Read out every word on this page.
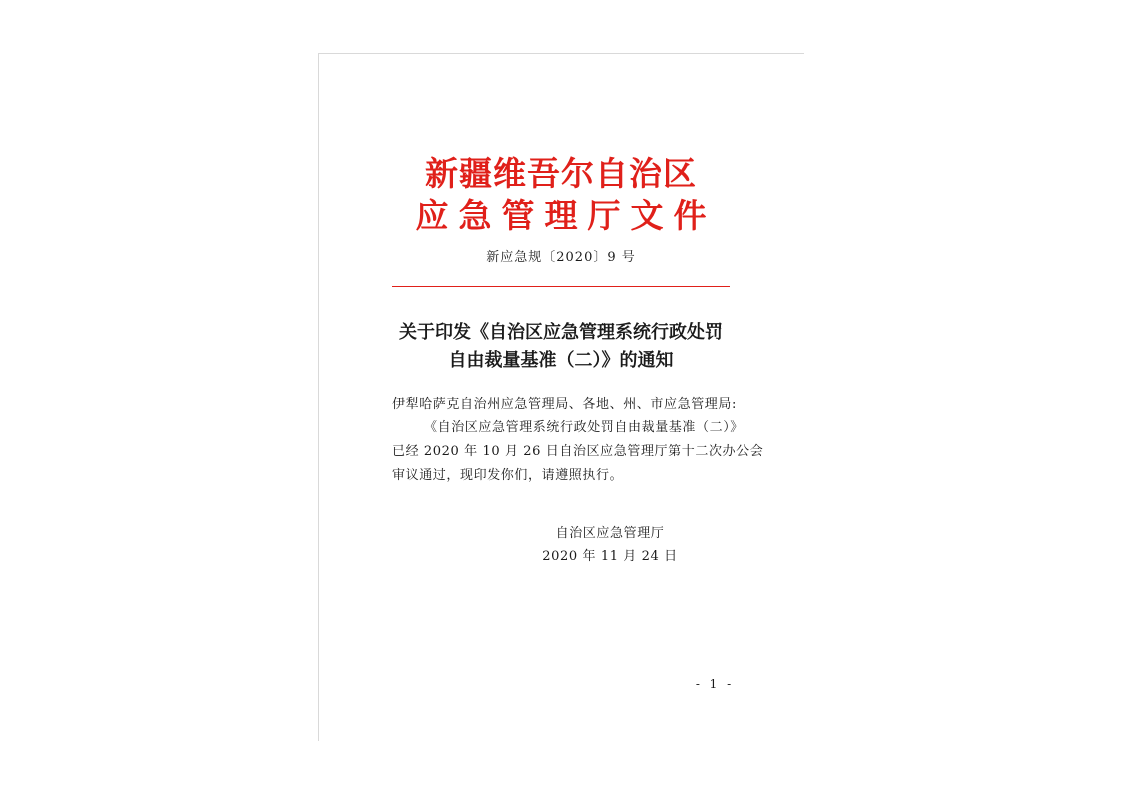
新疆维吾尔自治区
应急管理厅文件
新应急规〔2020〕9 号
关于印发《自治区应急管理系统行政处罚
自由裁量基准（二）》的通知
伊犁哈萨克自治州应急管理局、各地、州、市应急管理局:
《自治区应急管理系统行政处罚自由裁量基准（二）》
已经 2020 年 10 月 26 日自治区应急管理厅第十二次办公会
审议通过，现印发你们，请遵照执行。
自治区应急管理厅
2020 年 11 月 24 日
- 1 -
